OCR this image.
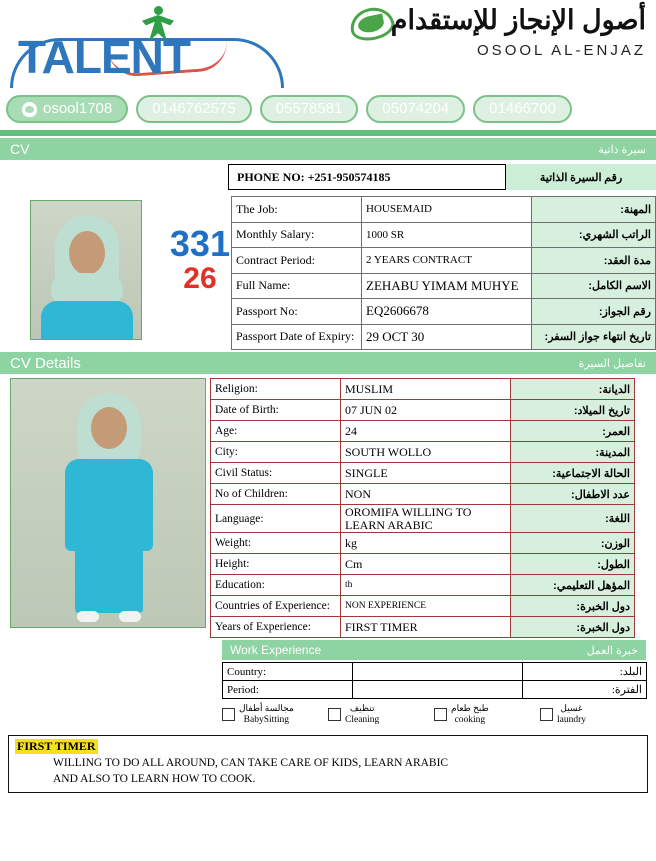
TALENT
أصول الإنجاز للإستقدام
OSOOL AL-ENJAZ
osool1708	0146762575	05578581	05074204	01466700
CV	سيرة ذاتية
PHONE NO: +251-950574185	رقم السيرة الذاتية
331
26
The Job:	HOUSEMAID	المهنة:
Monthly Salary:	1000 SR	الراتب الشهري:
Contract Period:	2 YEARS CONTRACT	مدة العقد:
Full Name:	ZEHABU YIMAM MUHYE	الاسم الكامل:
Passport No:	EQ2606678	رقم الجواز:
Passport Date of Expiry:	29 OCT 30	تاريخ انتهاء جواز السفر:
CV Details	تفاصيل السيرة
Religion:	MUSLIM	الديانة:
Date of Birth:	07 JUN 02	تاريخ الميلاد:
Age:	24	العمر:
City:	SOUTH WOLLO	المدينة:
Civil Status:	SINGLE	الحالة الاجتماعية:
No of Children:	NON	عدد الاطفال:
Language:	OROMIFA WILLING TO LEARN ARABIC	اللغة:
Weight:	kg	الوزن:
Height:	Cm	الطول:
Education:	th	المؤهل التعليمي:
Countries of Experience:	NON EXPERIENCE	دول الخبرة:
Years of Experience:	FIRST TIMER	دول الخبرة:
Work Experience	خبرة العمل
Country:		البلد:
Period:		الفترة:
مجالسة أطفال
BabySitting
تنظيف
Cleaning
طبخ طعام
cooking
غسيل
laundry
FIRST TIMER
WILLING TO DO ALL AROUND, CAN TAKE CARE OF KIDS, LEARN ARABIC
AND ALSO TO LEARN HOW TO COOK.
